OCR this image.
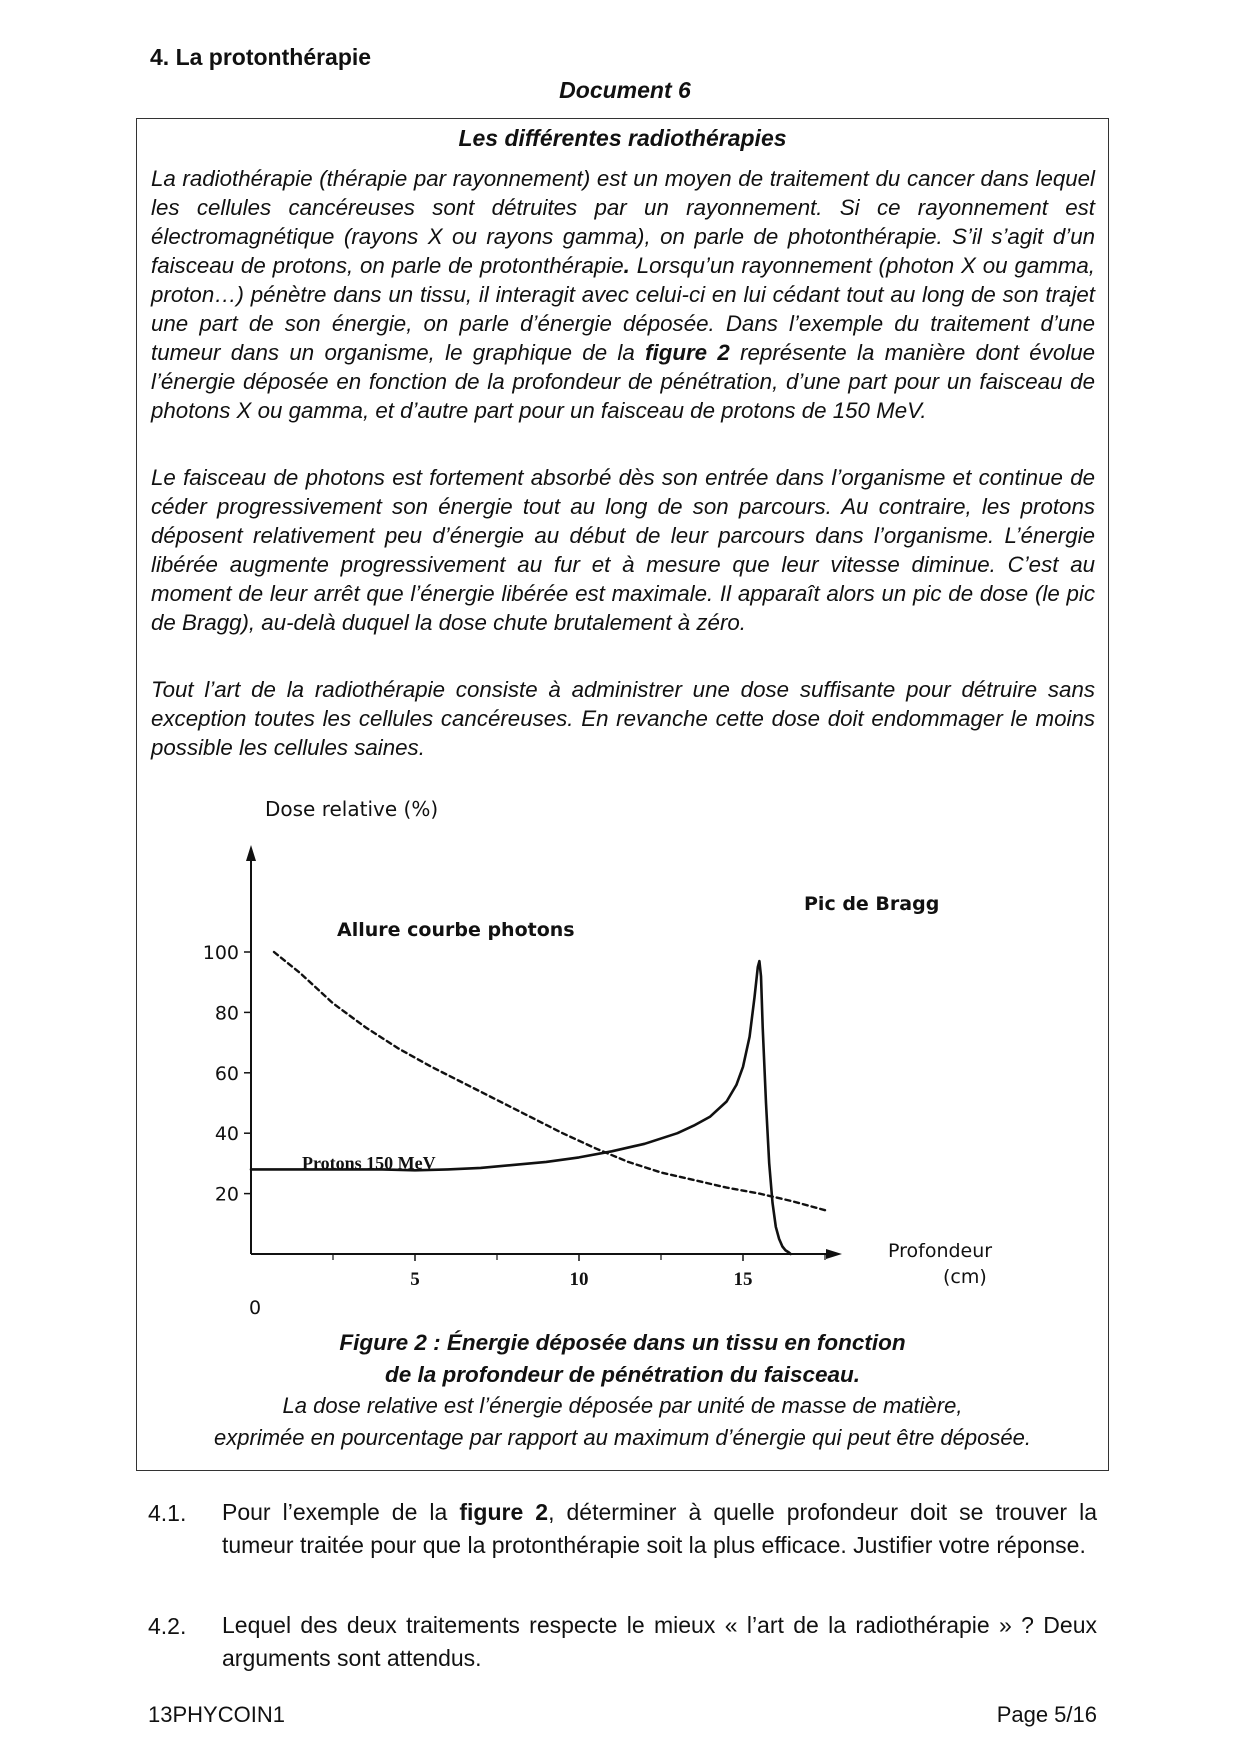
4. La protonthérapie
Document 6
Les différentes radiothérapies

La radiothérapie (thérapie par rayonnement) est un moyen de traitement du cancer dans lequel les cellules cancéreuses sont détruites par un rayonnement. Si ce rayonnement est électromagnétique (rayons X ou rayons gamma), on parle de photonthérapie. S’il s’agit d’un faisceau de protons, on parle de protonthérapie. Lorsqu’un rayonnement (photon X ou gamma, proton…) pénètre dans un tissu, il interagit avec celui-ci en lui cédant tout au long de son trajet une part de son énergie, on parle d’énergie déposée. Dans l’exemple du traitement d’une tumeur dans un organisme, le graphique de la figure 2 représente la manière dont évolue l’énergie déposée en fonction de la profondeur de pénétration, d’une part pour un faisceau de photons X ou gamma, et d’autre part pour un faisceau de protons de 150 MeV.

Le faisceau de photons est fortement absorbé dès son entrée dans l’organisme et continue de céder progressivement son énergie tout au long de son parcours. Au contraire, les protons déposent relativement peu d’énergie au début de leur parcours dans l’organisme. L’énergie libérée augmente progressivement au fur et à mesure que leur vitesse diminue. C’est au moment de leur arrêt que l’énergie libérée est maximale. Il apparaît alors un pic de dose (le pic de Bragg), au-delà duquel la dose chute brutalement à zéro.

Tout l’art de la radiothérapie consiste à administrer une dose suffisante pour détruire sans exception toutes les cellules cancéreuses. En revanche cette dose doit endommager le moins possible les cellules saines.

Dose relative (%)
0
Profondeur
(cm)
Allure courbe photons
Protons 150 MeV
Pic de Bragg
20
40
60
80
100
5	10	15

Figure 2 : Énergie déposée dans un tissu en fonction

de la profondeur de pénétration du faisceau.

La dose relative est l’énergie déposée par unité de masse de matière,

exprimée en pourcentage par rapport au maximum d’énergie qui peut être déposée.

4.1. Pour l’exemple de la figure 2, déterminer à quelle profondeur doit se trouver la tumeur traitée pour que la protonthérapie soit la plus efficace. Justifier votre réponse.

4.2. Lequel des deux traitements respecte le mieux « l’art de la radiothérapie » ? Deux arguments sont attendus.

13PHYCOIN1	Page 5/16
